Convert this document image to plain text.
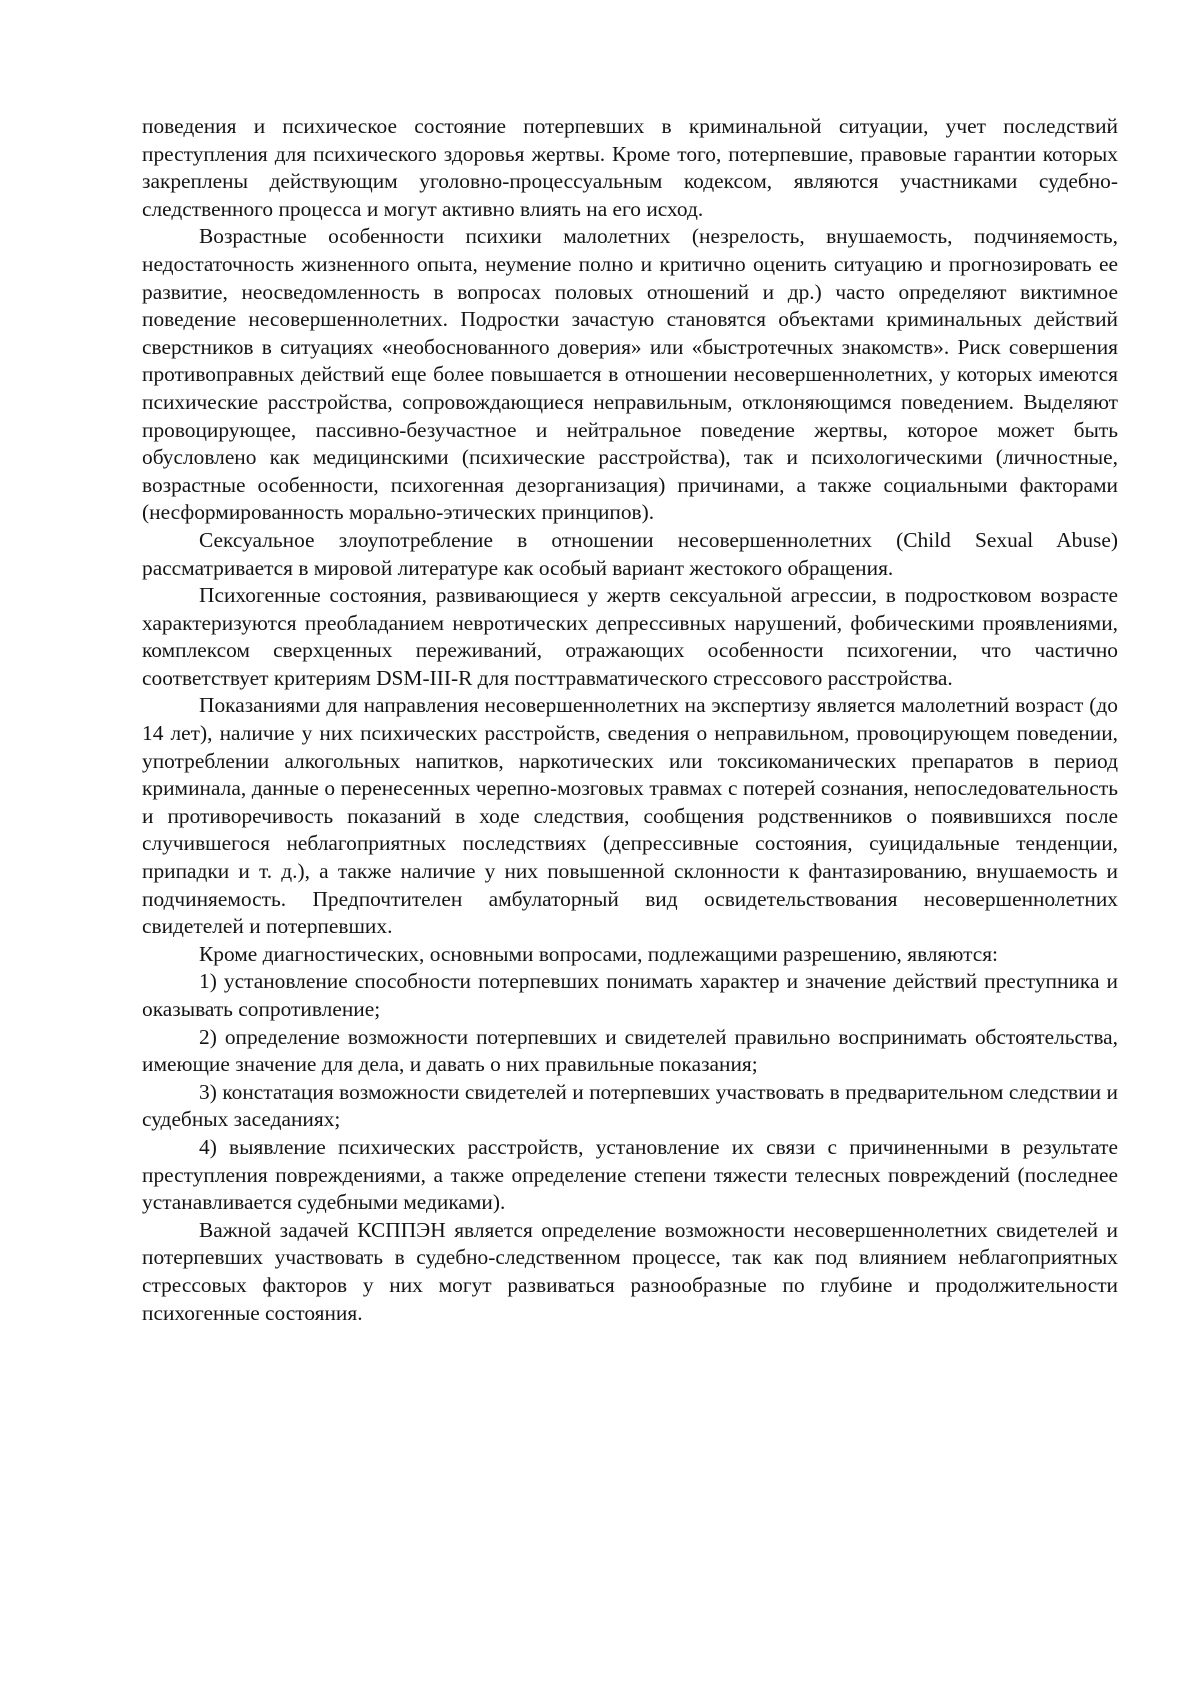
поведения и психическое состояние потерпевших в криминальной ситуации, учет последствий преступления для психического здоровья жертвы. Кроме того, потерпевшие, правовые гарантии которых закреплены действующим уголовно-процессуальным кодексом, являются участниками судебно-следственного процесса и могут активно влиять на его исход.

Возрастные особенности психики малолетних (незрелость, внушаемость, подчиняемость, недостаточность жизненного опыта, неумение полно и критично оценить ситуацию и прогнозировать ее развитие, неосведомленность в вопросах половых отношений и др.) часто определяют виктимное поведение несовершеннолетних. Подростки зачастую становятся объектами криминальных действий сверстников в ситуациях «необоснованного доверия» или «быстротечных знакомств». Риск совершения противоправных действий еще более повышается в отношении несовершеннолетних, у которых имеются психические расстройства, сопровождающиеся неправильным, отклоняющимся поведением. Выделяют провоцирующее, пассивно-безучастное и нейтральное поведение жертвы, которое может быть обусловлено как медицинскими (психические расстройства), так и психологическими (личностные, возрастные особенности, психогенная дезорганизация) причинами, а также социальными факторами (несформированность морально-этических принципов).

Сексуальное злоупотребление в отношении несовершеннолетних (Child Sexual Abuse) рассматривается в мировой литературе как особый вариант жестокого обращения.

Психогенные состояния, развивающиеся у жертв сексуальной агрессии, в подростковом возрасте характеризуются преобладанием невротических депрессивных нарушений, фобическими проявлениями, комплексом сверхценных переживаний, отражающих особенности психогении, что частично соответствует критериям DSM-III-R для посттравматического стрессового расстройства.

Показаниями для направления несовершеннолетних на экспертизу является малолетний возраст (до 14 лет), наличие у них психических расстройств, сведения о неправильном, провоцирующем поведении, употреблении алкогольных напитков, наркотических или токсикоманических препаратов в период криминала, данные о перенесенных черепно-мозговых травмах с потерей сознания, непоследовательность и противоречивость показаний в ходе следствия, сообщения родственников о появившихся после случившегося неблагоприятных последствиях (депрессивные состояния, суицидальные тенденции, припадки и т. д.), а также наличие у них повышенной склонности к фантазированию, внушаемость и подчиняемость. Предпочтителен амбулаторный вид освидетельствования несовершеннолетних свидетелей и потерпевших.

Кроме диагностических, основными вопросами, подлежащими разрешению, являются:

1) установление способности потерпевших понимать характер и значение действий преступника и оказывать сопротивление;

2) определение возможности потерпевших и свидетелей правильно воспринимать обстоятельства, имеющие значение для дела, и давать о них правильные показания;

3) констатация возможности свидетелей и потерпевших участвовать в предварительном следствии и судебных заседаниях;

4) выявление психических расстройств, установление их связи с причиненными в результате преступления повреждениями, а также определение степени тяжести телесных повреждений (последнее устанавливается судебными медиками).

Важной задачей КСППЭН является определение возможности несовершеннолетних свидетелей и потерпевших участвовать в судебно-следственном процессе, так как под влиянием неблагоприятных стрессовых факторов у них могут развиваться разнообразные по глубине и продолжительности психогенные состояния.
